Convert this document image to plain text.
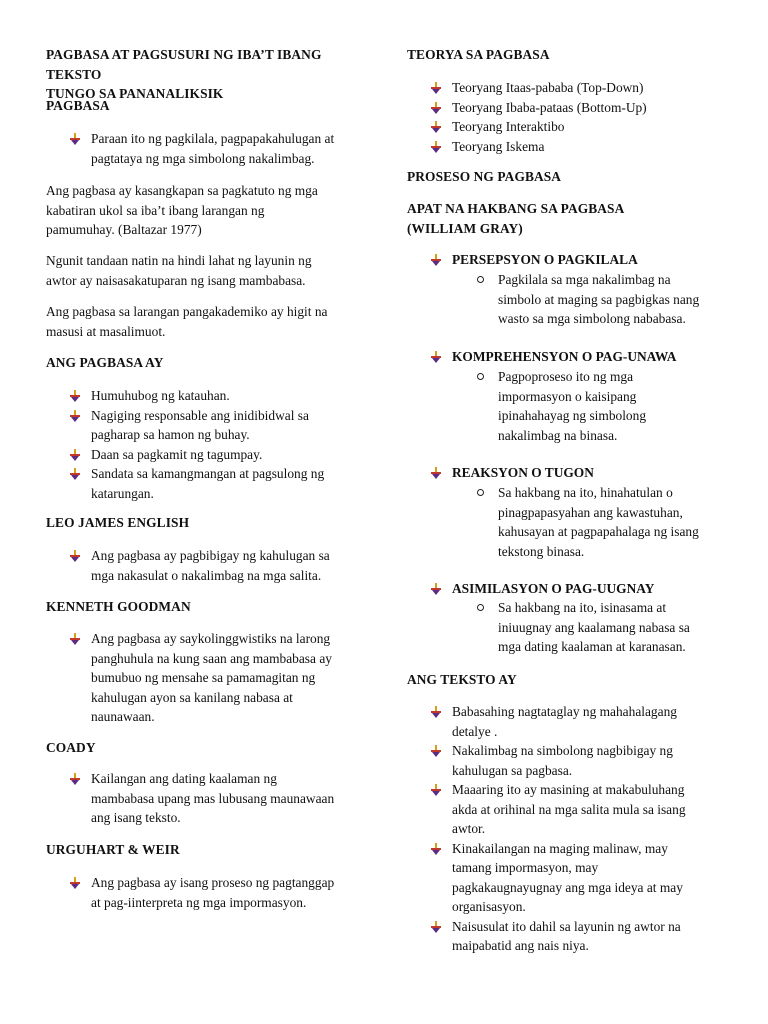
PAGBASA AT PAGSUSURI NG IBA’T IBANG TEKSTO
TUNGO SA PANANALIKSIK
PAGBASA
Paraan ito ng pagkilala, pagpapakahulugan at
pagtataya ng mga simbolong nakalimbag.
Ang pagbasa ay kasangkapan sa pagkatuto ng mga
kabatiran ukol sa iba’t ibang larangan ng
pamumuhay. (Baltazar 1977)
Ngunit tandaan natin na hindi lahat ng layunin ng
awtor ay naisasakatuparan ng isang mambabasa.
Ang pagbasa sa larangan pangakademiko ay higit na
masusi at masalimuot.
ANG PAGBASA AY
Humuhubog ng katauhan.
Nagiging responsable ang inidibidwal sa
pagharap sa hamon ng buhay.
Daan sa pagkamit ng tagumpay.
Sandata sa kamangmangan at pagsulong ng
katarungan.
LEO JAMES ENGLISH
Ang pagbasa ay pagbibigay ng kahulugan sa
mga nakasulat o nakalimbag na mga salita.
KENNETH GOODMAN
Ang pagbasa ay saykolinggwistiks na larong
panghuhula na kung saan ang mambabasa ay
bumubuo ng mensahe sa pamamagitan ng
kahulugan ayon sa kanilang nabasa at
naunawaan.
COADY
Kailangan ang dating kaalaman ng
mambabasa upang mas lubusang maunawaan
ang isang teksto.
URGUHART & WEIR
Ang pagbasa ay isang proseso ng pagtanggap
at pag-iinterpreta ng mga impormasyon.
TEORYA SA PAGBASA
Teoryang Itaas-pababa (Top-Down)
Teoryang Ibaba-pataas (Bottom-Up)
Teoryang Interaktibo
Teoryang Iskema
PROSESO NG PAGBASA
APAT NA HAKBANG SA PAGBASA
(WILLIAM GRAY)
PERSEPSYON O PAGKILALA
Pagkilala sa mga nakalimbag na
simbolo at maging sa pagbigkas nang
wasto sa mga simbolong nababasa.
KOMPREHENSYON O PAG-UNAWA
Pagpoproseso ito ng mga
impormasyon o kaisipang
ipinahahayag ng simbolong
nakalimbag na binasa.
REAKSYON O TUGON
Sa hakbang na ito, hinahatulan o
pinagpapasyahan ang kawastuhan,
kahusayan at pagpapahalaga ng isang
tekstong binasa.
ASIMILASYON O PAG-UUGNAY
Sa hakbang na ito, isinasama at
iniuugnay ang kaalamang nabasa sa
mga dating kaalaman at karanasan.
ANG TEKSTO AY
Babasahing nagtataglay ng mahahalagang
detalye .
Nakalimbag na simbolong nagbibigay ng
kahulugan sa pagbasa.
Maaaring ito ay masining at makabuluhang
akda at orihinal na mga salita mula sa isang
awtor.
Kinakailangan na maging malinaw, may
tamang impormasyon, may
pagkakaugnayugnay ang mga ideya at may
organisasyon.
Naisusulat ito dahil sa layunin ng awtor na
maipabatid ang nais niya.
